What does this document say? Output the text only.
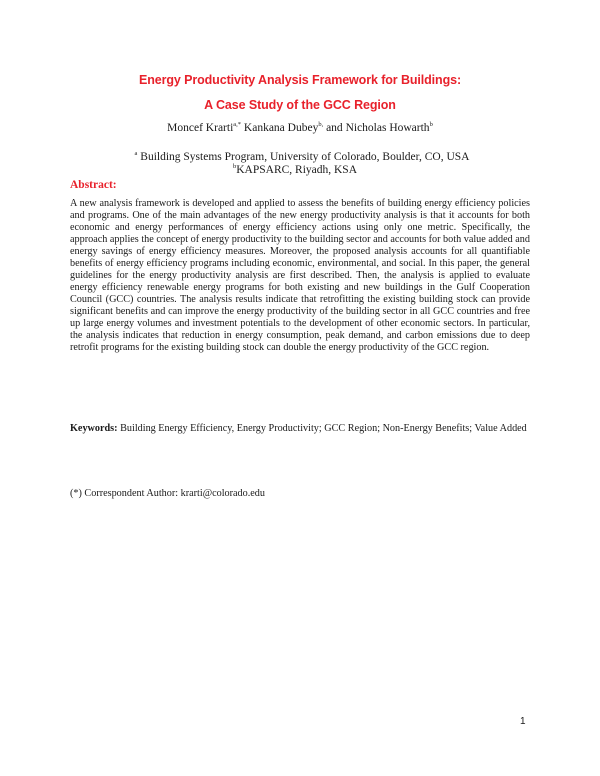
Energy Productivity Analysis Framework for Buildings:
A Case Study of the GCC Region
Moncef Krarti$^{a,*}$ Kankana Dubey$^{b,}$ and Nicholas Howarth$^b$
$^a$ Building Systems Program, University of Colorado, Boulder, CO, USA
$^b$KAPSARC, Riyadh, KSA
Abstract:
A new analysis framework is developed and applied to assess the benefits of building energy efficiency policies and programs. One of the main advantages of the new energy productivity analysis is that it accounts for both economic and energy performances of energy efficiency actions using only one metric. Specifically, the approach applies the concept of energy productivity to the building sector and accounts for both value added and energy savings of energy efficiency measures. Moreover, the proposed analysis accounts for all quantifiable benefits of energy efficiency programs including economic, environmental, and social. In this paper, the general guidelines for the energy productivity analysis are first described. Then, the analysis is applied to evaluate energy efficiency renewable energy programs for both existing and new buildings in the Gulf Cooperation Council (GCC) countries. The analysis results indicate that retrofitting the existing building stock can provide significant benefits and can improve the energy productivity of the building sector in all GCC countries and free up large energy volumes and investment potentials to the development of other economic sectors. In particular, the analysis indicates that reduction in energy consumption, peak demand, and carbon emissions due to deep retrofit programs for the existing building stock can double the energy productivity of the GCC region.
Keywords: Building Energy Efficiency, Energy Productivity; GCC Region; Non-Energy Benefits; Value Added
(*) Correspondent Author: krarti@colorado.edu
1
